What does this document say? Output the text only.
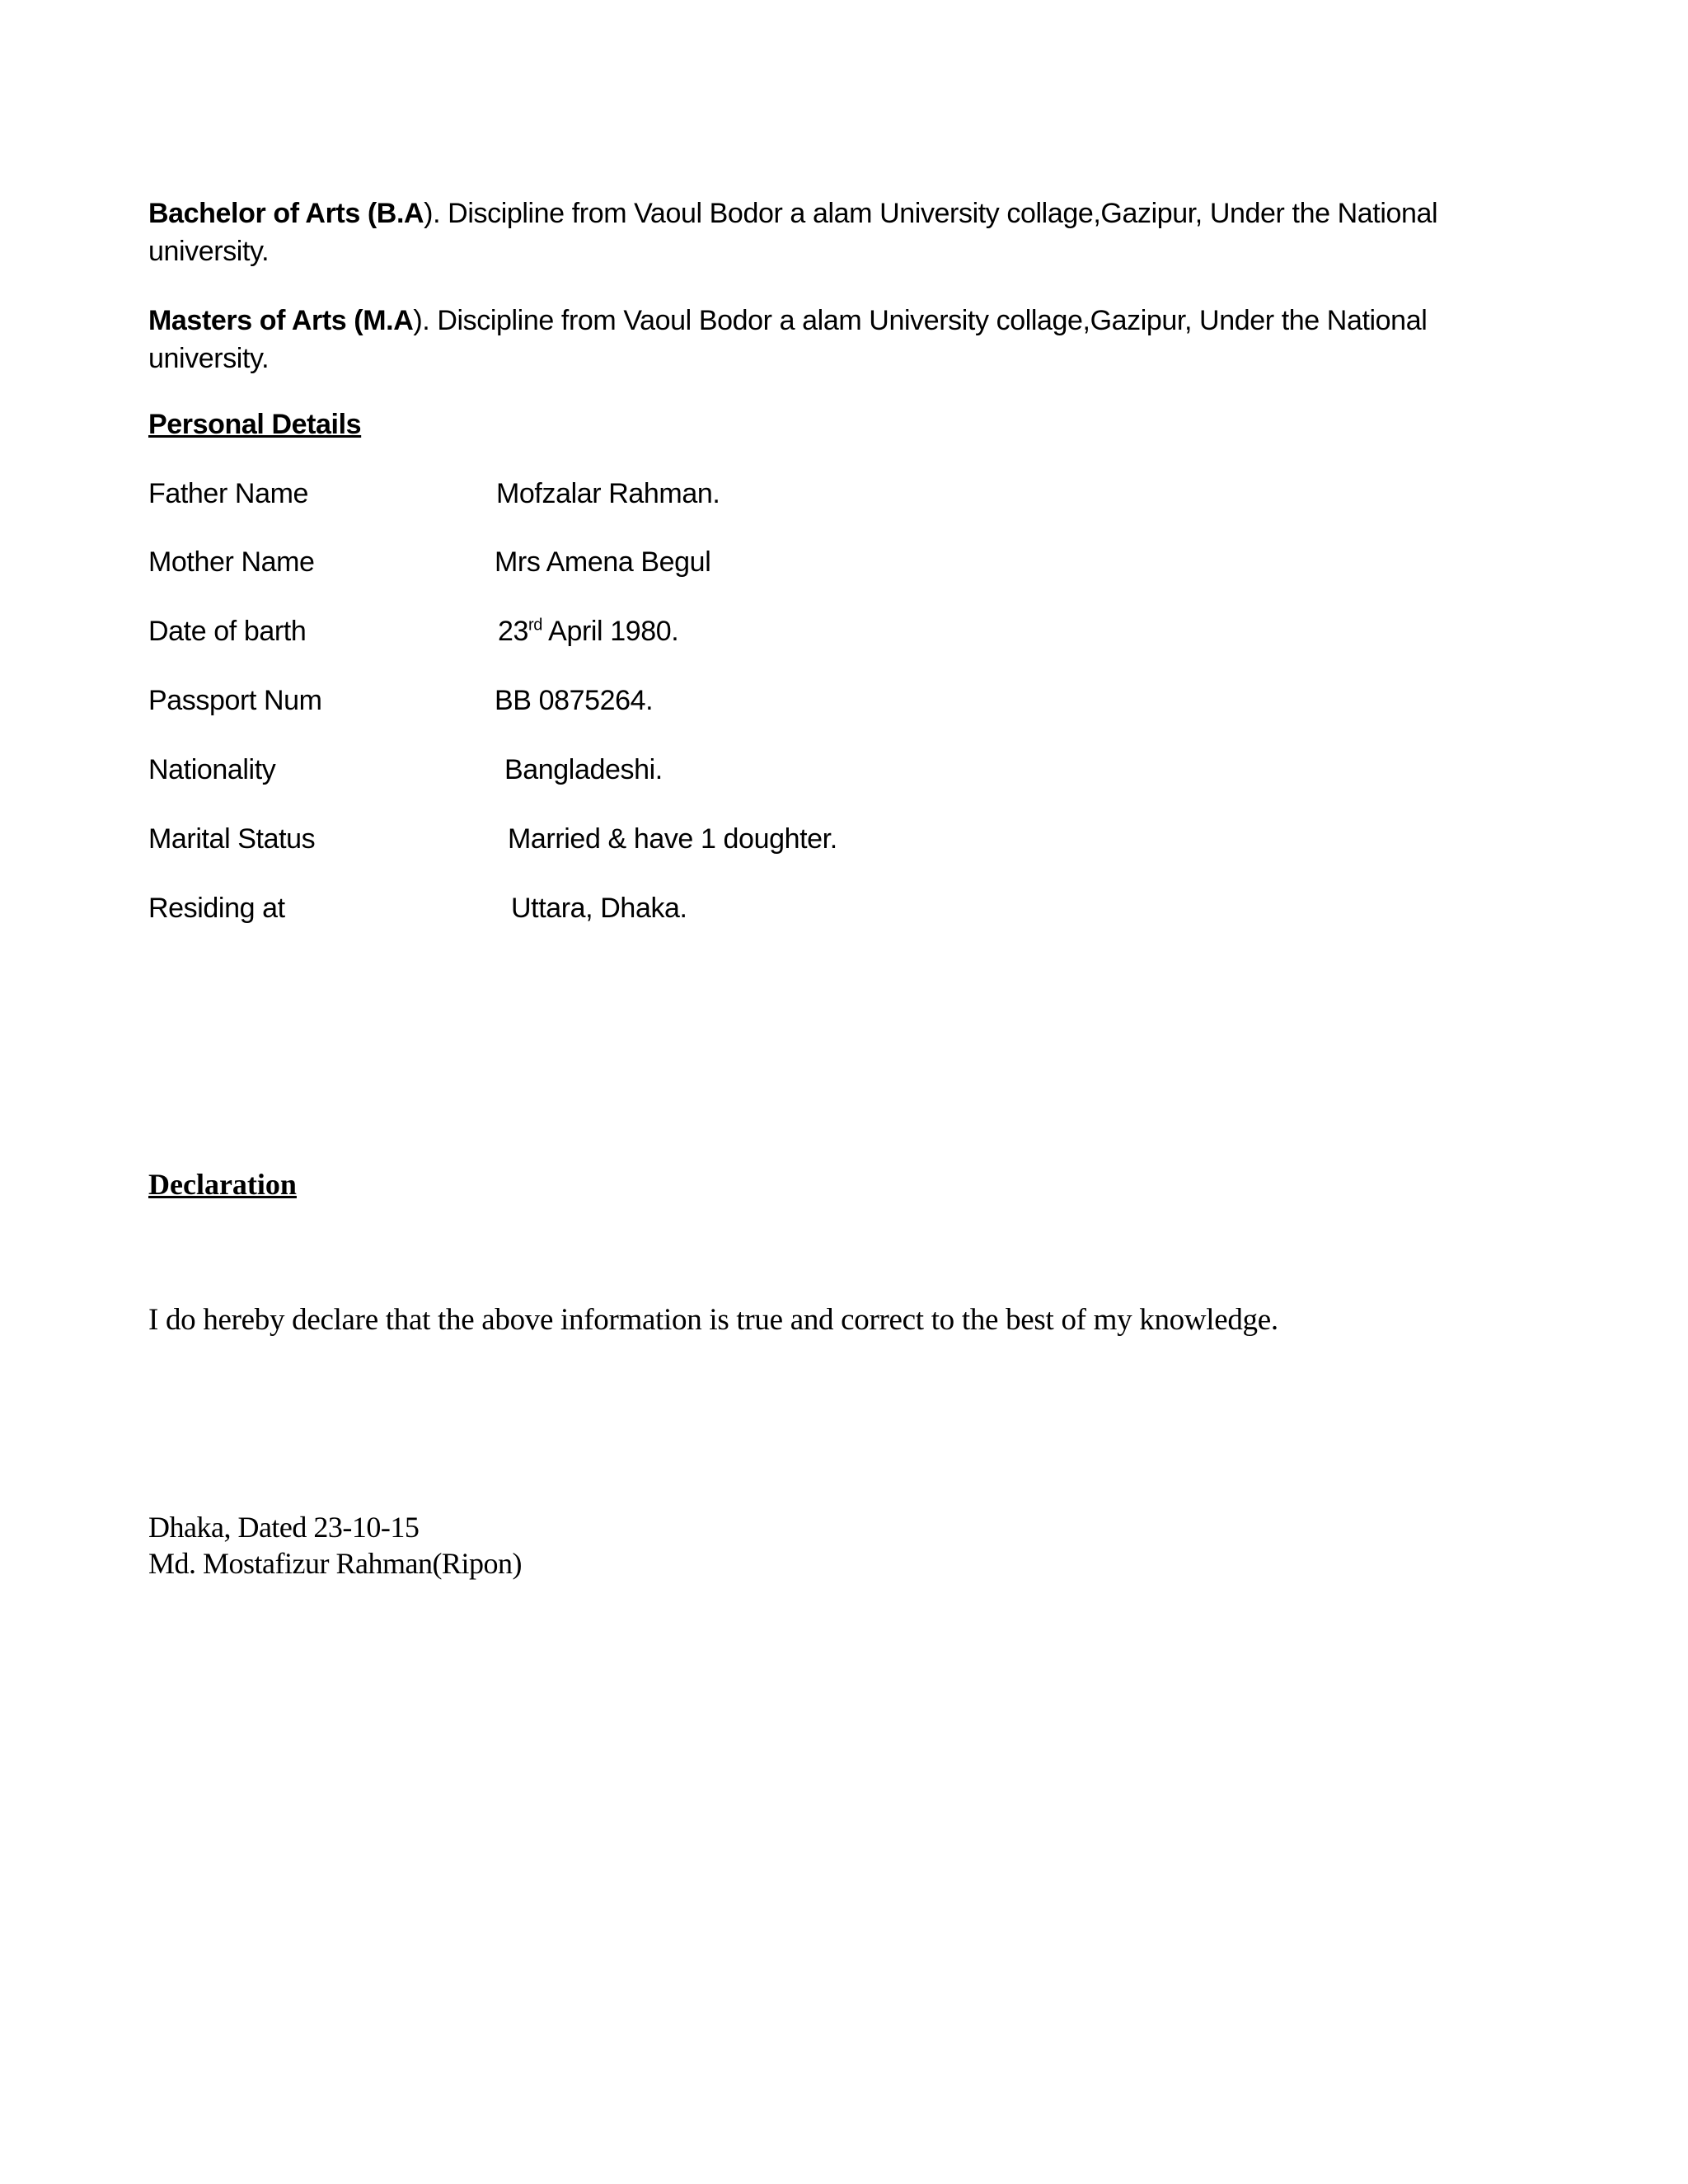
Bachelor of Arts (B.A). Discipline from Vaoul Bodor a alam University collage,Gazipur, Under the National university.
Masters of Arts (M.A). Discipline from Vaoul Bodor a alam University collage,Gazipur, Under the National university.
Personal Details
Father Name	Mofzalar Rahman.
Mother Name	Mrs Amena Begul
Date of barth	23rd April 1980.
Passport Num	BB 0875264.
Nationality	Bangladeshi.
Marital Status	Married & have 1 doughter.
Residing at	Uttara, Dhaka.
Declaration
I do hereby declare that the above information is true and correct to the best of my knowledge.
Dhaka, Dated 23-10-15
Md. Mostafizur Rahman(Ripon)
